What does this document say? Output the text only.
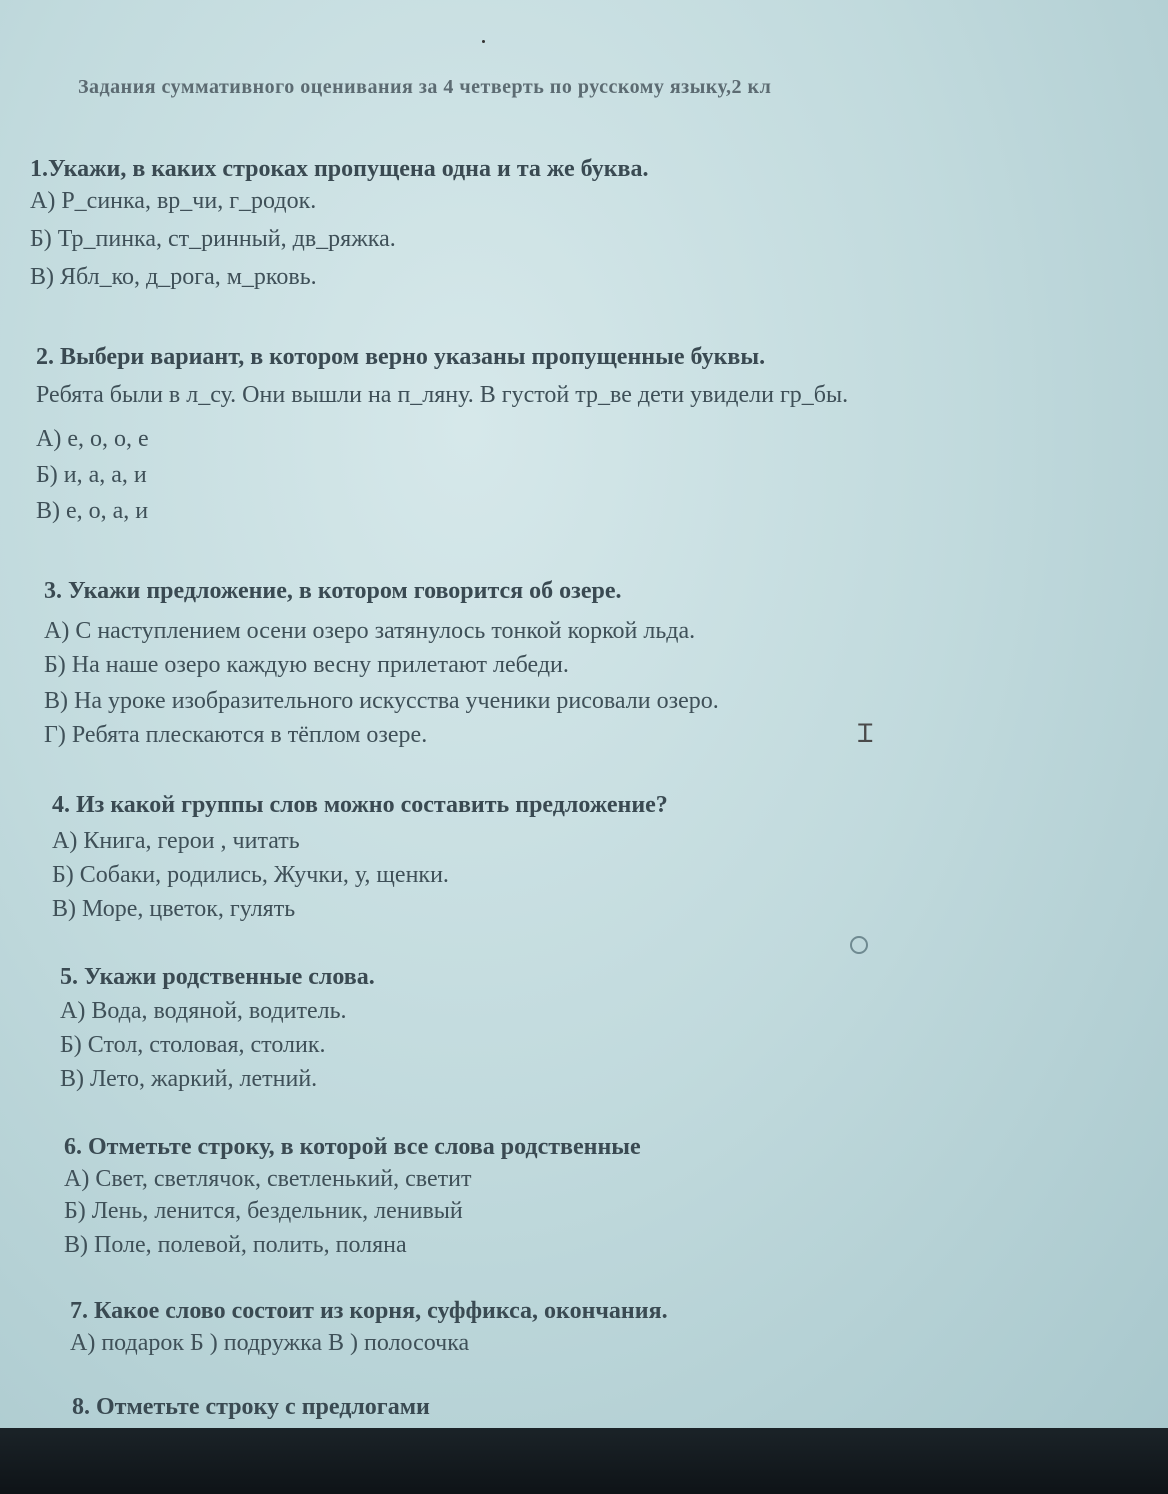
Задания суммативного оценивания за 4 четверть по русскому языку,2 кл
1.Укажи, в каких строках пропущена одна и та же буква.
А) Р_синка, вр_чи, г_родок.
Б) Тр_пинка, ст_ринный, дв_ряжка.
В) Ябл_ко, д_рога, м_рковь.
2. Выбери вариант, в котором верно указаны пропущенные буквы.
Ребята были в л_су. Они вышли на п_ляну. В густой тр_ве дети увидели гр_бы.
А) е, о, о, е
Б) и, а, а, и
В) е, о, а, и
3. Укажи предложение, в котором говорится об озере.
А) С наступлением осени озеро затянулось тонкой коркой льда.
Б) На наше озеро каждую весну прилетают лебеди.
В) На уроке изобразительного искусства ученики рисовали озеро.
Г) Ребята плескаются в тёплом озере.
4. Из какой группы слов можно составить предложение?
А) Книга, герои , читать
Б) Собаки, родились, Жучки, у, щенки.
В) Море, цветок, гулять
5. Укажи родственные слова.
А) Вода, водяной, водитель.
Б) Стол, столовая, столик.
В) Лето, жаркий, летний.
6. Отметьте строку, в которой все слова родственные
А) Свет, светлячок, светленький, светит
Б) Лень, ленится, бездельник, ленивый
В) Поле, полевой, полить, поляна
7. Какое слово состоит из корня, суффикса, окончания.
А) подарок Б ) подружка В ) полосочка
8. Отметьте строку с предлогами
Ɪ
